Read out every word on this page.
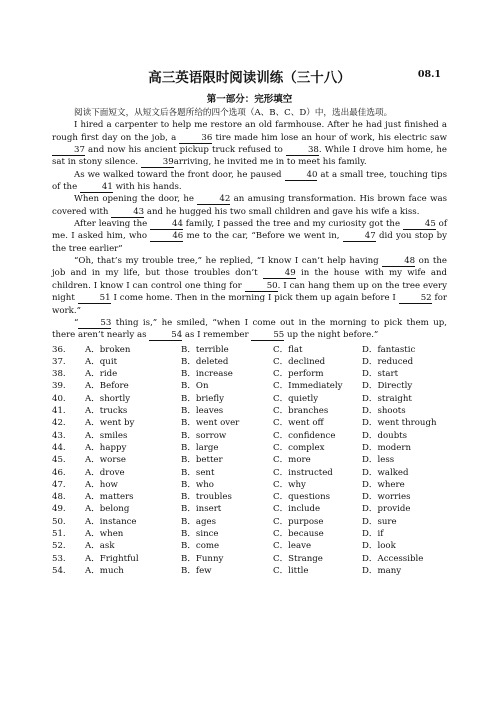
高三英语限时阅读训练（三十八）	08.1
第一部分：完形填空

阅读下面短文，从短文后各题所给的四个选项（A、B、C、D）中，选出最佳选项。

I hired a carpenter to help me restore an old farmhouse. After he had just finished a rough first day on the job, a	36 tire made him lose an hour of work, his electric saw 37 and now his ancient pickup truck refused to	38. While I drove him home, he sat in stony silence.	39arriving, he invited me in to meet his family.

As we walked toward the front door, he paused	40 at a small tree, touching tips of the	41 with his hands.

When opening the door, he	42 an amusing transformation. His brown face was covered with	43 and he hugged his two small children and gave his wife a kiss.

After leaving the	44 family, I passed the tree and my curiosity got the	45 of me. I asked him, who	46 me to the car, “Before we went in,	47 did you stop by the tree earlier”

“Oh, that’s my trouble tree,” he replied, “I know I can’t help having	48 on the job and in my life, but those troubles don’t	49 in the house with my wife and children. I know I can control one thing for	50. I can hang them up on the tree every night	51 I come home. Then in the morning I pick them up again before I	52 for work.”

“	53 thing is,” he smiled, “when I come out in the morning to pick them up, there aren’t nearly as	54 as I remember	55 up the night before.”

36.	A．broken	B．terrible	C．flat	D．fantastic
37.	A．quit	B．deleted	C．declined	D．reduced
38.	A．ride	B．increase	C．perform	D．start
39.	A．Before	B．On	C．Immediately	D．Directly
40.	A．shortly	B．briefly	C．quietly	D．straight
41.	A．trucks	B．leaves	C．branches	D．shoots
42.	A．went by	B．went over	C．went off	D．went through
43.	A．smiles	B．sorrow	C．confidence	D．doubts
44.	A．happy	B．large	C．complex	D．modern
45.	A．worse	B．better	C．more	D．less
46.	A．drove	B．sent	C．instructed	D．walked
47.	A．how	B．who	C．why	D．where
48.	A．matters	B．troubles	C．questions	D．worries
49.	A．belong	B．insert	C．include	D．provide
50.	A．instance	B．ages	C．purpose	D．sure
51.	A．when	B．since	C．because	D．if
52.	A．ask	B．come	C．leave	D．look
53.	A．Frightful	B．Funny	C．Strange	D．Accessible
54.	A．much	B．few	C．little	D．many
